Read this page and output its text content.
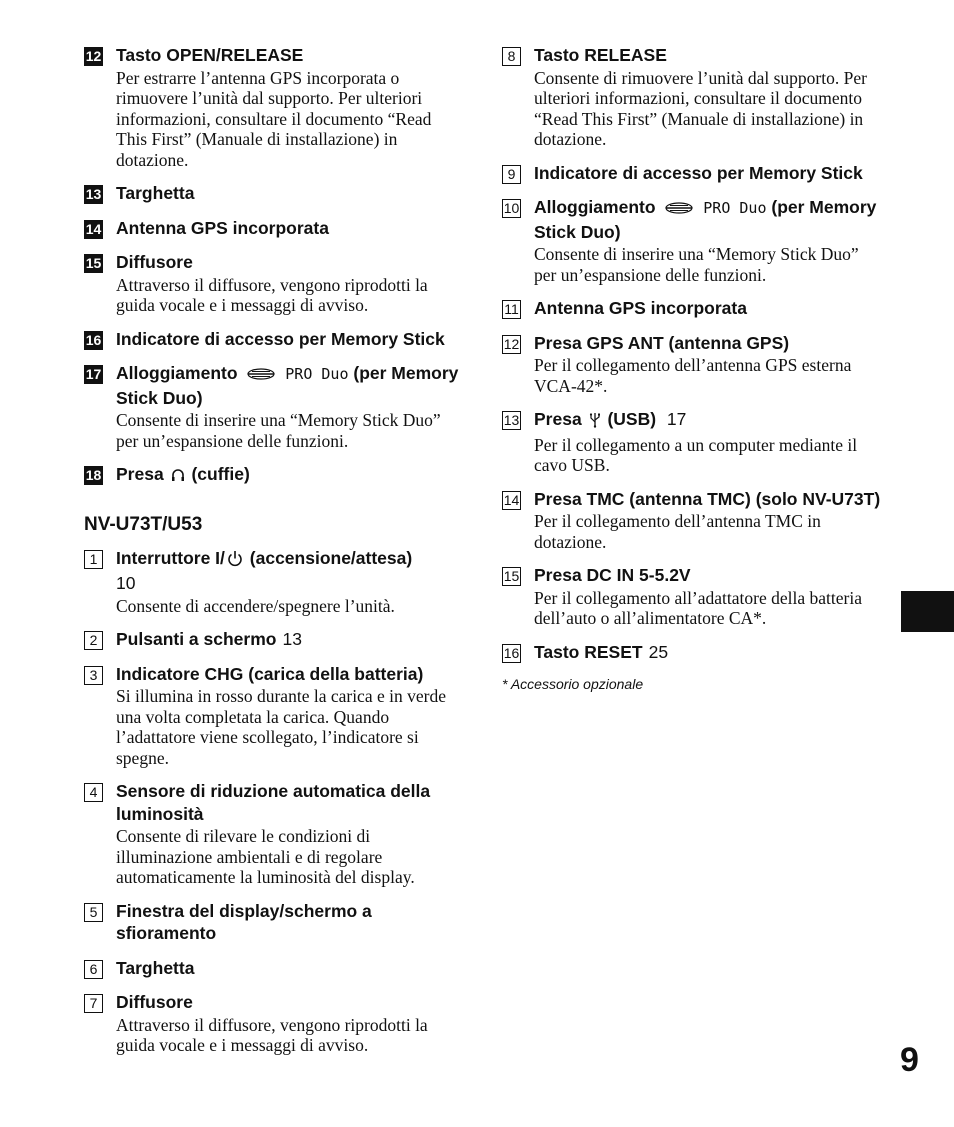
12 Tasto OPEN/RELEASE
Per estrarre l’antenna GPS incorporata o rimuovere l’unità dal supporto. Per ulteriori informazioni, consultare il documento “Read This First” (Manuale di installazione) in dotazione.
13 Targhetta
14 Antenna GPS incorporata
15 Diffusore
Attraverso il diffusore, vengono riprodotti la guida vocale e i messaggi di avviso.
16 Indicatore di accesso per Memory Stick
17 Alloggiamento	PRO Duo (per Memory Stick Duo)
Consente di inserire una “Memory Stick Duo” per un’espansione delle funzioni.
18 Presa (cuffie)
NV-U73T/U53
1	Interruttore I/ (accensione/attesa)
10
Consente di accendere/spegnere l’unità.
2	Pulsanti a schermo 13
3	Indicatore CHG (carica della batteria)
Si illumina in rosso durante la carica e in verde una volta completata la carica. Quando l’adattatore viene scollegato, l’indicatore si spegne.
4	Sensore di riduzione automatica della luminosità
Consente di rilevare le condizioni di illuminazione ambientali e di regolare automaticamente la luminosità del display.
5	Finestra del display/schermo a sfioramento
6	Targhetta
7	Diffusore
Attraverso il diffusore, vengono riprodotti la guida vocale e i messaggi di avviso.
8	Tasto RELEASE
Consente di rimuovere l’unità dal supporto. Per ulteriori informazioni, consultare il documento “Read This First” (Manuale di installazione) in dotazione.
9	Indicatore di accesso per Memory Stick
10 Alloggiamento	PRO Duo (per Memory Stick Duo)
Consente di inserire una “Memory Stick Duo” per un’espansione delle funzioni.
11 Antenna GPS incorporata
12 Presa GPS ANT (antenna GPS)
Per il collegamento dell’antenna GPS esterna VCA-42*.
13 Presa (USB) 17
Per il collegamento a un computer mediante il cavo USB.
14 Presa TMC (antenna TMC) (solo NV-U73T)
Per il collegamento dell’antenna TMC in dotazione.
15 Presa DC IN 5-5.2V
Per il collegamento all’adattatore della batteria dell’auto o all’alimentatore CA*.
16 Tasto RESET 25
* Accessorio opzionale
9
